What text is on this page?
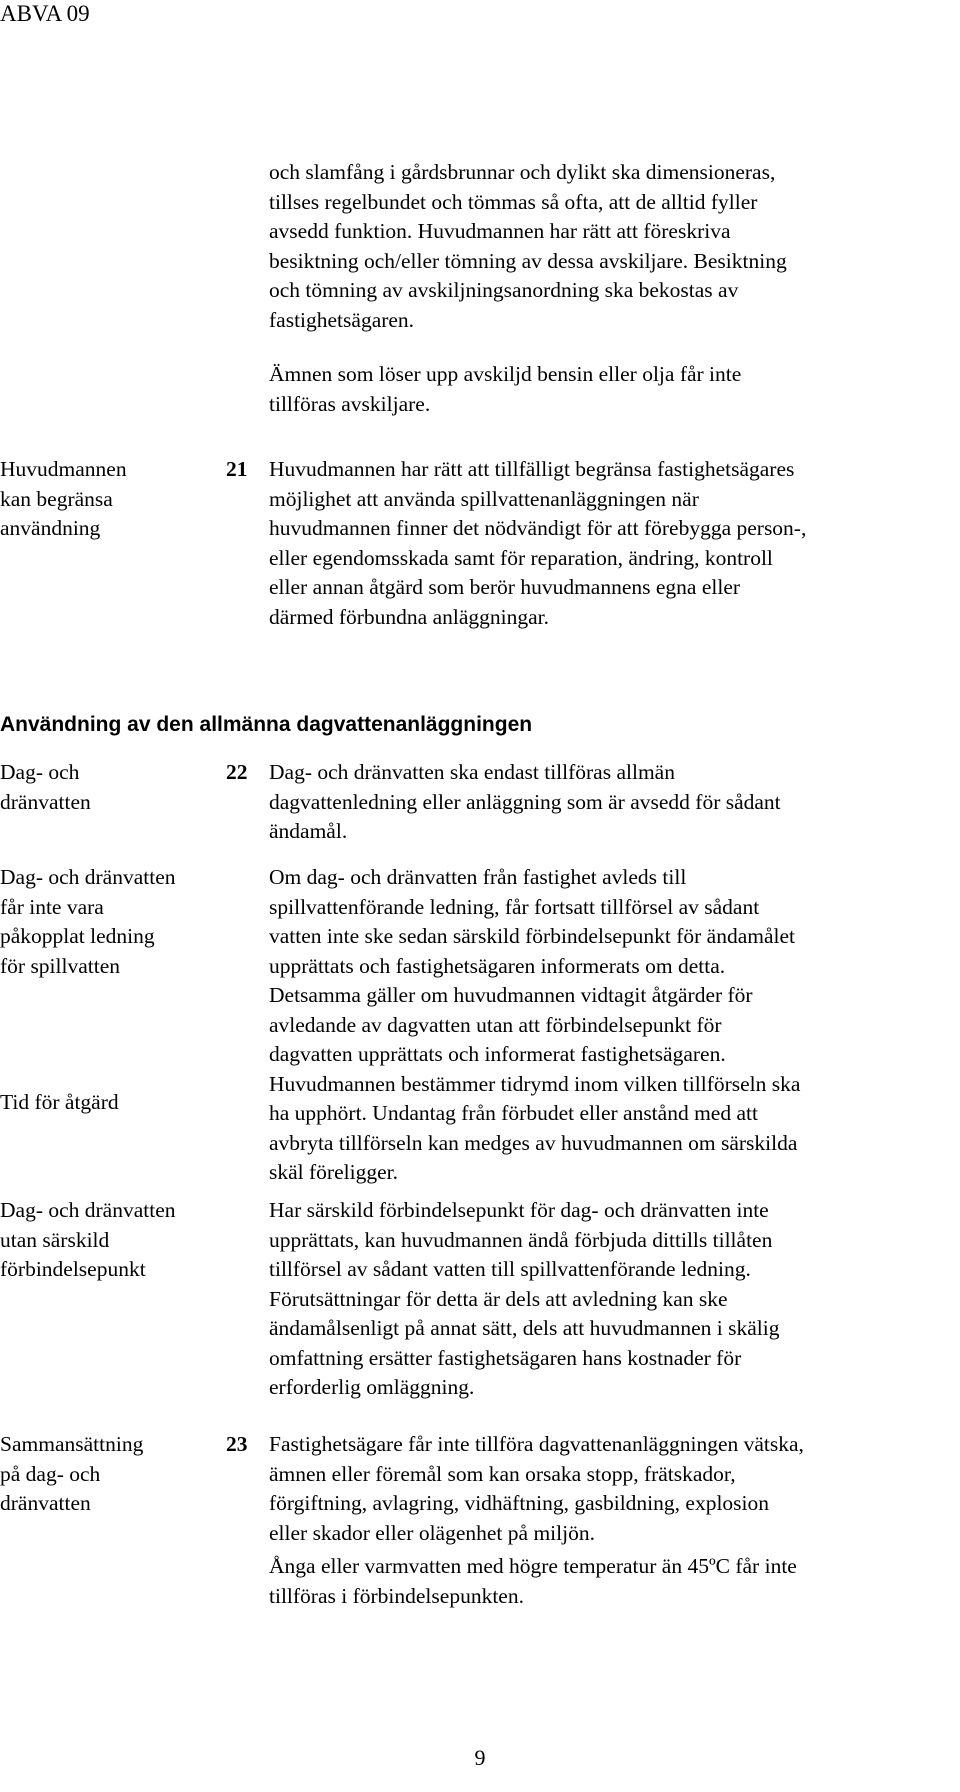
ABVA 09
och slamfång i gårdsbrunnar och dylikt ska dimensioneras,
tillses regelbundet och tömmas så ofta, att de alltid fyller
avsedd funktion. Huvudmannen har rätt att föreskriva
besiktning och/eller tömning av dessa avskiljare. Besiktning
och tömning av avskiljningsanordning ska bekostas av
fastighetsägaren.
Ämnen som löser upp avskiljd bensin eller olja får inte
tillföras avskiljare.
Huvudmannen
kan begränsa
användning
21	Huvudmannen har rätt att tillfälligt begränsa fastighetsägares
möjlighet att använda spillvattenanläggningen när
huvudmannen finner det nödvändigt för att förebygga person-,
eller egendomsskada samt för reparation, ändring, kontroll
eller annan åtgärd som berör huvudmannens egna eller
därmed förbundna anläggningar.
Användning av den allmänna dagvattenanläggningen
Dag- och
dränvatten
22	Dag- och dränvatten ska endast tillföras allmän
dagvattenledning eller anläggning som är avsedd för sådant
ändamål.
Dag- och dränvatten
får inte vara
påkopplat ledning
för spillvatten
Om dag- och dränvatten från fastighet avleds till
spillvattenförande ledning, får fortsatt tillförsel av sådant
vatten inte ske sedan särskild förbindelsepunkt för ändamålet
upprättats och fastighetsägaren informerats om detta.
Detsamma gäller om huvudmannen vidtagit åtgärder för
avledande av dagvatten utan att förbindelsepunkt för
dagvatten upprättats och informerat fastighetsägaren.
Huvudmannen bestämmer tidrymd inom vilken tillförseln ska
ha upphört. Undantag från förbudet eller anstånd med att
avbryta tillförseln kan medges av huvudmannen om särskilda
skäl föreligger.
Tid för åtgärd
Dag- och dränvatten
utan särskild
förbindelsepunkt
Har särskild förbindelsepunkt för dag- och dränvatten inte
upprättats, kan huvudmannen ändå förbjuda dittills tillåten
tillförsel av sådant vatten till spillvattenförande ledning.
Förutsättningar för detta är dels att avledning kan ske
ändamålsenligt på annat sätt, dels att huvudmannen i skälig
omfattning ersätter fastighetsägaren hans kostnader för
erforderlig omläggning.
Sammansättning
på dag- och
dränvatten
23	Fastighetsägare får inte tillföra dagvattenanläggningen vätska,
ämnen eller föremål som kan orsaka stopp, frätskador,
förgiftning, avlagring, vidhäftning, gasbildning, explosion
eller skador eller olägenhet på miljön.
Ånga eller varmvatten med högre temperatur än 45ºC får inte
tillföras i förbindelsepunkten.
9
